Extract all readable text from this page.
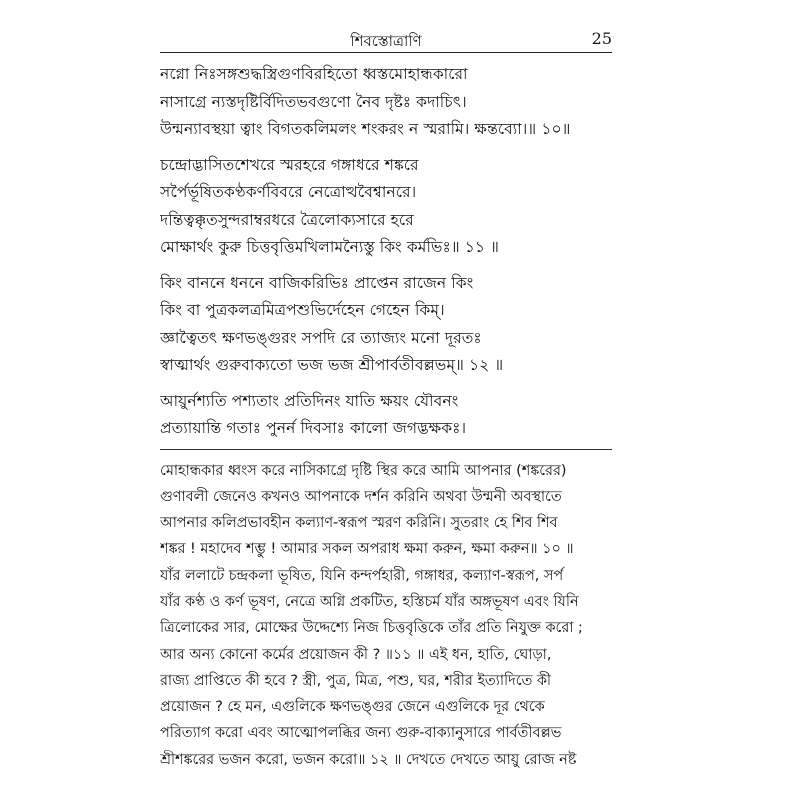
শিবস্তোত্রাণি	25
নগ্নো নিঃসঙ্গশুদ্ধস্ত্রিগুণবিরহিতো ধ্বস্তমোহান্ধকারো
নাসাগ্রে ন্যস্তদৃষ্টির্বিদিতভবগুণো নৈব দৃষ্টঃ কদাচিৎ।
উন্মন্যাবস্থয়া ত্বাং বিগতকলিমলং শংকরং ন স্মরামি। ক্ষন্তব্যো।॥ ১০॥
চন্দ্রোদ্ভাসিতশেখরে স্মরহরে গঙ্গাধরে শঙ্করে
সর্পৈর্ভূষিতকণ্ঠকর্ণবিবরে নেত্রোত্থবৈশ্বানরে।
দন্তিত্বক্কৃতসুন্দরাম্বরধরে ত্রৈলোক্যসারে হরে
মোক্ষার্থং কুরু চিত্তবৃত্তিমখিলামন্যৈস্তু কিং কর্মভিঃ॥ ১১ ॥
কিং বাননে ধননে বাজিকরিভিঃ প্রাপ্তেন রাজেন কিং
কিং বা পুত্রকলত্রমিত্রপশুভির্দেহেন গেহেন কিম্।
জ্ঞাত্বৈতৎ ক্ষণভঙ্গুরং সপদি রে ত্যাজ্যং মনো দূরতঃ
স্বাত্মার্থং গুরুবাক্যতো ভজ ভজ শ্রীপার্বতীবল্লভম্॥ ১২ ॥
আয়ুর্নশ্যতি পশ্যতাং প্রতিদিনং যাতি ক্ষয়ং যৌবনং
প্রত্যায়ান্তি গতাঃ পুনর্ন দিবসাঃ কালো জগদ্ভক্ষকঃ।
মোহান্ধকার ধ্বংস করে নাসিকাগ্রে দৃষ্টি স্থির করে আমি আপনার (শঙ্করের)
গুণাবলী জেনেও কখনও আপনাকে দর্শন করিনি অথবা উন্মনী অবস্থাতে
আপনার কলিপ্রভাবহীন কল্যাণ-স্বরূপ স্মরণ করিনি। সুতরাং হে শিব শিব
শঙ্কর ! মহাদেব শম্ভু ! আমার সকল অপরাধ ক্ষমা করুন, ক্ষমা করুন॥ ১০ ॥
যাঁর ললাটে চন্দ্রকলা ভূষিত, যিনি কন্দর্পহারী, গঙ্গাধর, কল্যাণ-স্বরূপ, সর্প
যাঁর কণ্ঠ ও কর্ণ ভূষণ, নেত্রে অগ্নি প্রকটিত, হস্তিচর্ম যাঁর অঙ্গভূষণ এবং যিনি
ত্রিলোকের সার, মোক্ষের উদ্দেশ্যে নিজ চিত্তবৃত্তিকে তাঁর প্রতি নিযুক্ত করো ;
আর অন্য কোনো কর্মের প্রয়োজন কী ? ॥১১ ॥ এই ধন, হাতি, ঘোড়া,
রাজ্য প্রাপ্তিতে কী হবে ? স্ত্রী, পুত্র, মিত্র, পশু, ঘর, শরীর ইত্যাদিতে কী
প্রয়োজন ? হে মন, এগুলিকে ক্ষণভঙ্গুর জেনে এগুলিকে দূর থেকে
পরিত্যাগ করো এবং আত্মোপলব্ধির জন্য গুরু-বাক্যানুসারে পার্বতীবল্লভ
শ্রীশঙ্করের ভজন করো, ভজন করো॥ ১২ ॥ দেখতে দেখতে আয়ু রোজ নষ্ট
